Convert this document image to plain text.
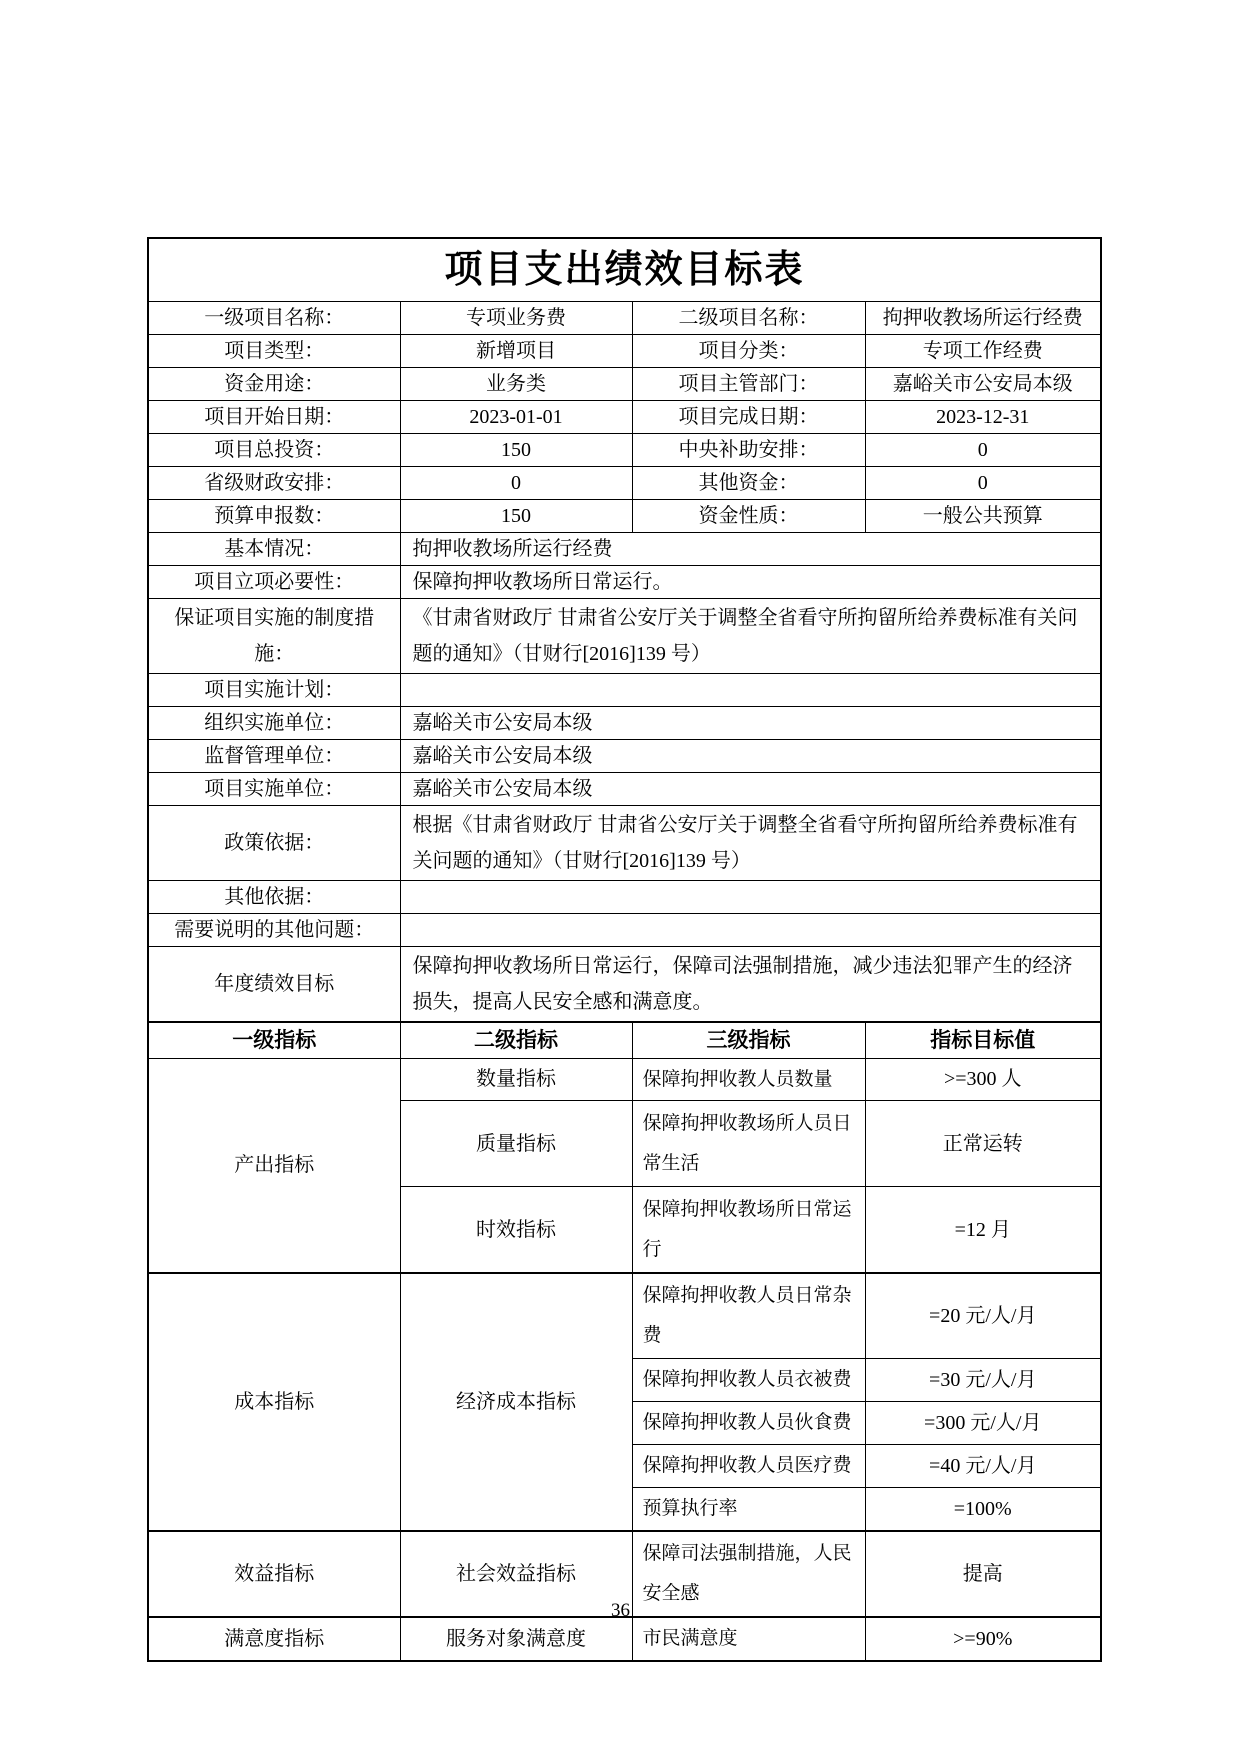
项目支出绩效目标表			
一级项目名称：	专项业务费	二级项目名称：	拘押收教场所运行经费
项目类型：	新增项目	项目分类：	专项工作经费
资金用途：	业务类	项目主管部门：	嘉峪关市公安局本级
项目开始日期：	2023-01-01	项目完成日期：	2023-12-31
项目总投资：	150	中央补助安排：	0
省级财政安排：	0	其他资金：	0
预算申报数：	150	资金性质：	一般公共预算
基本情况：	拘押收教场所运行经费		
项目立项必要性：	保障拘押收教场所日常运行。		
保证项目实施的制度措施：	《甘肃省财政厅 甘肃省公安厅关于调整全省看守所拘留所给养费标准有关问题的通知》（甘财行[2016]139 号）		
项目实施计划：			
组织实施单位：	嘉峪关市公安局本级		
监督管理单位：	嘉峪关市公安局本级		
项目实施单位：	嘉峪关市公安局本级		
政策依据：	根据《甘肃省财政厅 甘肃省公安厅关于调整全省看守所拘留所给养费标准有关问题的通知》（甘财行[2016]139 号）		
其他依据：			
需要说明的其他问题：			
年度绩效目标	保障拘押收教场所日常运行，保障司法强制措施，减少违法犯罪产生的经济损失，提高人民安全感和满意度。		
一级指标	二级指标	三级指标	指标目标值
产出指标	数量指标	保障拘押收教人员数量	>=300 人
	质量指标	保障拘押收教场所人员日常生活	正常运转
	时效指标	保障拘押收教场所日常运行	=12 月
成本指标	经济成本指标	保障拘押收教人员日常杂费	=20 元/人/月
		保障拘押收教人员衣被费	=30 元/人/月
		保障拘押收教人员伙食费	=300 元/人/月
		保障拘押收教人员医疗费	=40 元/人/月
		预算执行率	=100%
效益指标	社会效益指标	保障司法强制措施，人民安全感	提高
满意度指标	服务对象满意度	市民满意度	>=90%
36
